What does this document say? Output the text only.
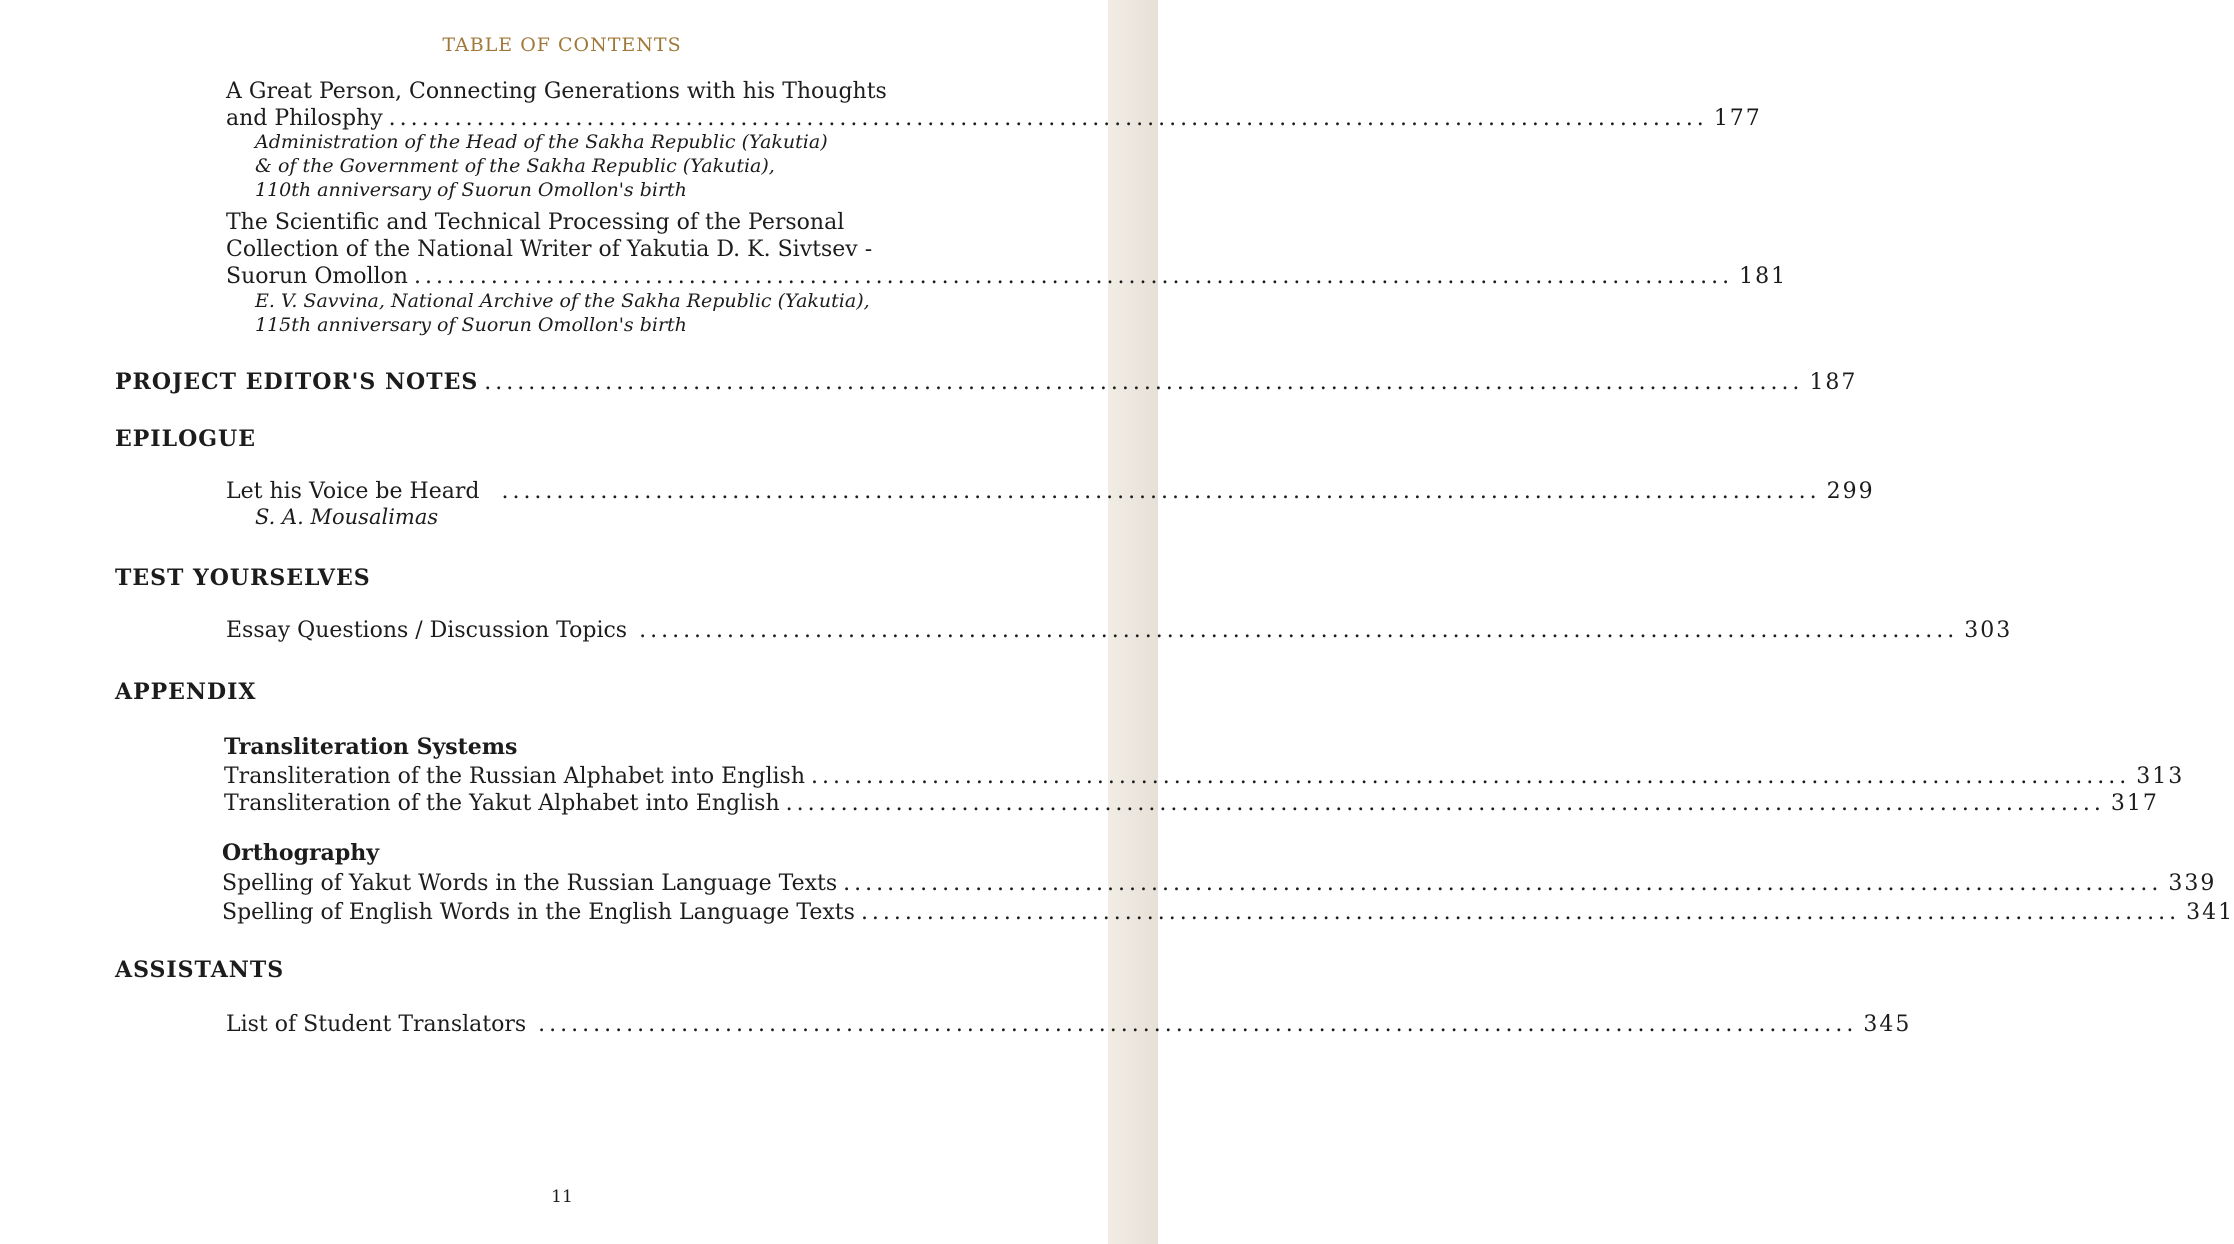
TABLE OF CONTENTS
A Great Person, Connecting Generations with his Thoughts
and Philosphy ........................................................................................................................ 177
Administration of the Head of the Sakha Republic (Yakutia)
& of the Government of the Sakha Republic (Yakutia),
110th anniversary of Suorun Omollon's birth
The Scientific and Technical Processing of the Personal
Collection of the National Writer of Yakutia D. K. Sivtsev -
Suorun Omollon ........................................................................................................................ 181
E. V. Savvina, National Archive of the Sakha Republic (Yakutia),
115th anniversary of Suorun Omollon's birth
PROJECT EDITOR'S NOTES ........................................................................................................................ 187
EPILOGUE
Let his Voice be Heard ........................................................................................................................ 299
S. A. Mousalimas
TEST YOURSELVES
Essay Questions / Discussion Topics ........................................................................................................................ 303
APPENDIX
Transliteration Systems
Transliteration of the Russian Alphabet into English ........................................................................................................................ 313
Transliteration of the Yakut Alphabet into English ........................................................................................................................ 317
Orthography
Spelling of Yakut Words in the Russian Language Texts ........................................................................................................................ 339
Spelling of English Words in the English Language Texts ........................................................................................................................ 341
ASSISTANTS
List of Student Translators ........................................................................................................................ 345
11
